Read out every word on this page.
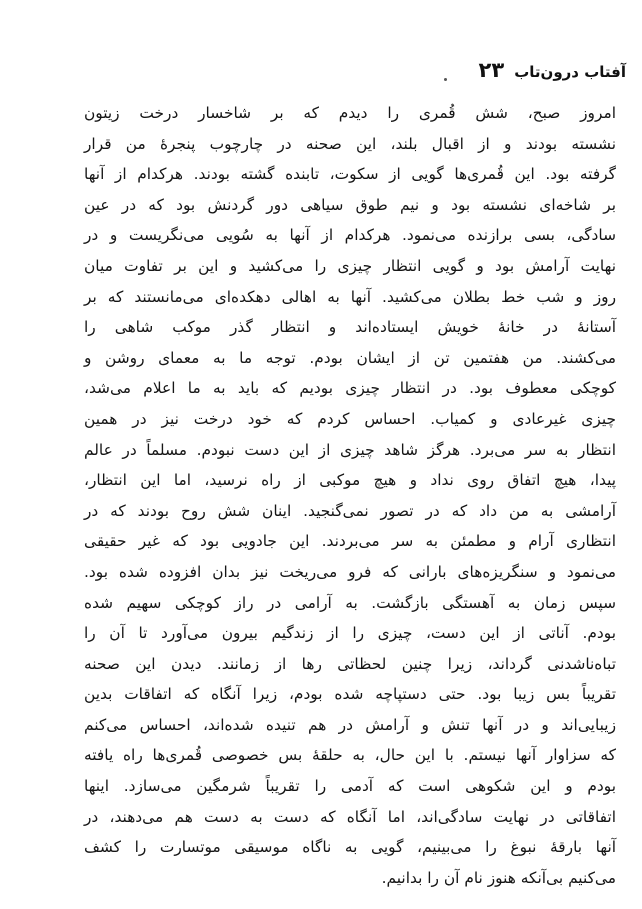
آفتاب درون‌تاب
۲۳
امروز صبح، شش قُمری را دیدم که بر شاخسار درخت زیتون
نشسته بودند و از اقبال بلند، این صحنه در چارچوب پنجرهٔ من قرار
گرفته بود. این قُمری‌ها گویی از سکوت، تابنده گشته بودند. هرکدام از آنها
بر شاخه‌ای نشسته بود و نیم طوق سیاهی دور گردنش بود که در عین
سادگی، بسی برازنده می‌نمود. هرکدام از آنها به سُویی می‌نگریست و در
نهایت آرامش بود و گویی انتظار چیزی را می‌کشید و این بر تفاوت میان
روز و شب خط بطلان می‌کشید. آنها به اهالی دهکده‌ای می‌مانستند که بر
آستانهٔ در خانهٔ خویش ایستاده‌اند و انتظار گذر موکب شاهی را
می‌کشند. من هفتمین تن از ایشان بودم. توجه ما به معمای روشن و
کوچکی معطوف بود. در انتظار چیزی بودیم که باید به ما اعلام می‌شد،
چیزی غیرعادی و کمیاب. احساس کردم که خود درخت نیز در همین
انتظار به سر می‌برد. هرگز شاهد چیزی از این دست نبودم. مسلماً در عالم
پیدا، هیچ اتفاق روی نداد و هیچ موکبی از راه نرسید، اما این انتظار،
آرامشی به من داد که در تصور نمی‌گنجید. اینان شش روح بودند که در
انتظاری آرام و مطمئن به سر می‌بردند. این جادویی بود که غیر حقیقی
می‌نمود و سنگریزه‌های بارانی که فرو می‌ریخت نیز بدان افزوده شده بود.
سپس زمان به آهستگی بازگشت. به آرامی در راز کوچکی سهیم شده
بودم. آناتی از این دست، چیزی را از زندگیم بیرون می‌آورد تا آن را
تباه‌ناشدنی گرداند، زیرا چنین لحظاتی رها از زمانند. دیدن این صحنه
تقریباً بس زیبا بود. حتی دستپاچه شده بودم، زیرا آنگاه که اتفاقات بدین
زیبایی‌اند و در آنها تنش و آرامش در هم تنیده شده‌اند، احساس می‌کنم
که سزاوار آنها نیستم. با این حال، به حلقهٔ بس خصوصی قُمری‌ها راه یافته
بودم و این شکوهی است که آدمی را تقریباً شرمگین می‌سازد. اینها
اتفاقاتی در نهایت سادگی‌اند، اما آنگاه که دست به دست هم می‌دهند، در
آنها بارقهٔ نبوغ را می‌بینیم، گویی به ناگاه موسیقی موتسارت را کشف
می‌کنیم بی‌آنکه هنوز نام آن را بدانیم.
